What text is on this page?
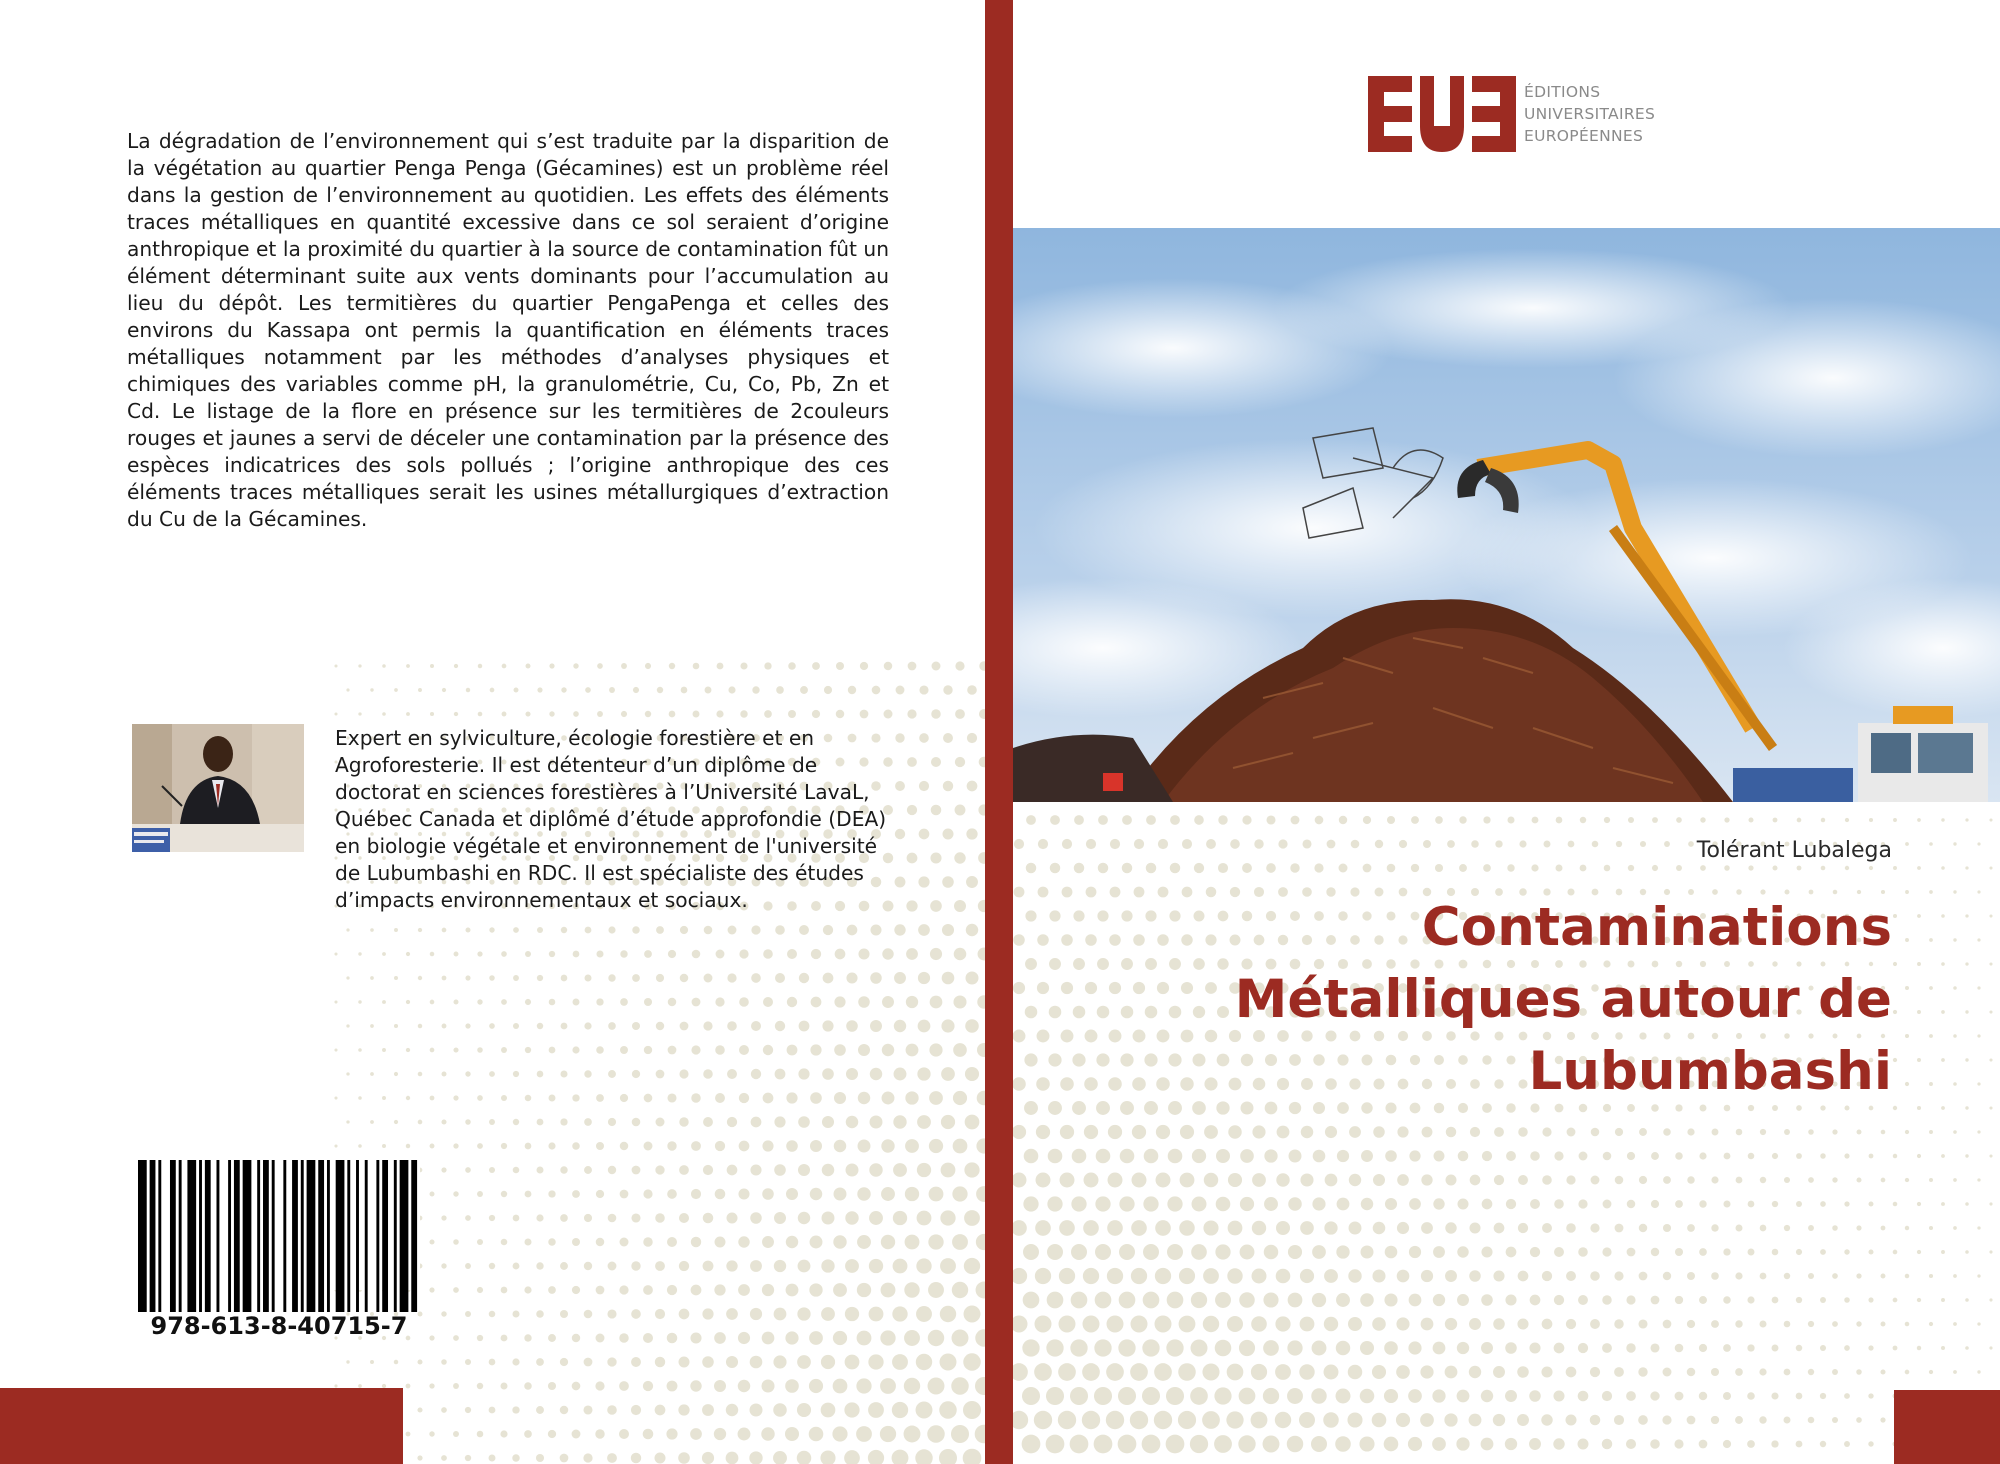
La dégradation de l’environnement qui s’est traduite par la disparition de la végétation au quartier Penga Penga (Gécamines) est un problème réel dans la gestion de l’environnement au quotidien. Les effets des éléments traces métalliques en quantité excessive dans ce sol seraient d’origine anthropique et la proximité du quartier à la source de contamination fût un élément déterminant suite aux vents dominants pour l’accumulation au lieu du dépôt. Les termitières du quartier PengaPenga et celles des environs du Kassapa ont permis la quantification en éléments traces métalliques notamment par les méthodes d’analyses physiques et chimiques des variables comme pH, la granulométrie, Cu, Co, Pb, Zn et Cd. Le listage de la flore en présence sur les termitières de 2couleurs rouges et jaunes a servi de déceler une contamination par la présence des espèces indicatrices des sols pollués ; l’origine anthropique des ces éléments traces métalliques serait les usines métallurgiques d’extraction du Cu de la Gécamines.

Expert en sylviculture, écologie forestière et en Agroforesterie. Il est détenteur d’un diplôme de doctorat en sciences forestières à l’Université LavaL, Québec Canada et diplômé d’étude approfondie (DEA) en biologie végétale et environnement de l'université de Lubumbashi en RDC. Il est spécialiste des études d’impacts environnementaux et sociaux.

978-613-8-40715-7
ÉDITIONS
UNIVERSITAIRES
EUROPÉENNES
Tolérant Lubalega
Contaminations
Métalliques autour de
Lubumbashi
